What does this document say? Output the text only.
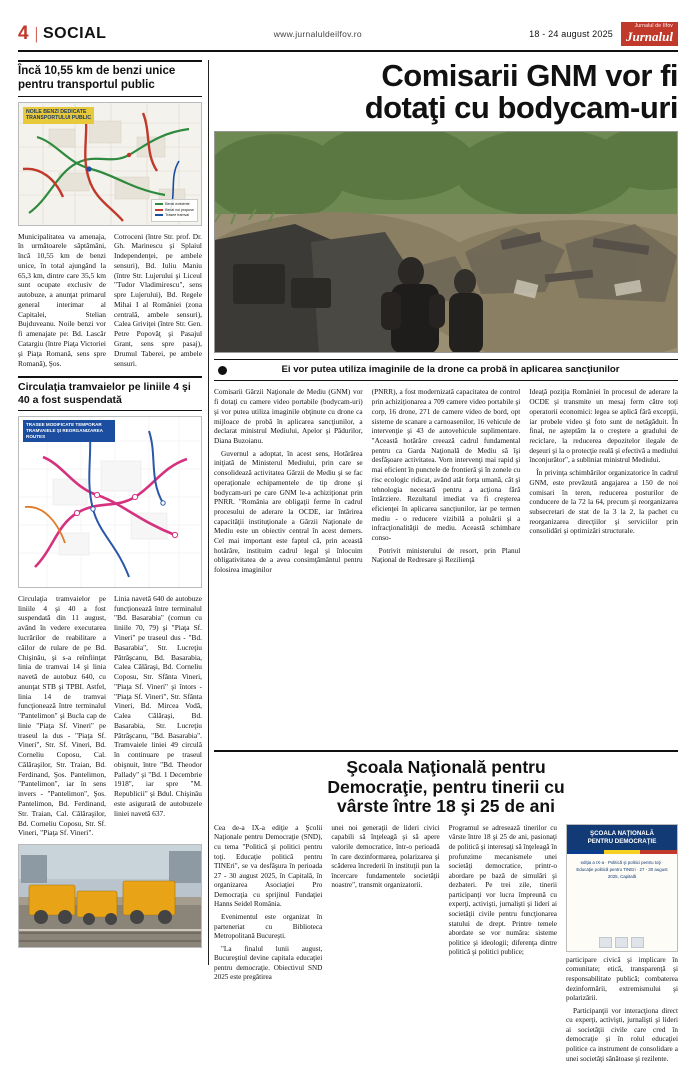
4 | SOCIAL	www.jurnaluldeilfov.ro	18 - 24 august 2025
Jurnalul de Ilfov
Jurnalul
Încă 10,55 km de benzi unice pentru transportul public
NOILE BENZI DEDICATE
TRANSPORTULUI PUBLIC
Benzi existente
Benzi noi propuse
Trasee tramvai
Municipalitatea va amenaja, în următoarele săptămâni, încă 10,55 km de benzi unice, în total ajungând la 65,3 km, dintre care 35,5 km sunt ocupate exclusiv de autobuze, a anunţat primarul general interimar al Capitalei, Stelian Bujduveanu. Noile benzi vor fi amenajate pe: Bd. Lascăr Catargiu (între Piaţa Victoriei şi Piaţa Romană, sens spre Romană), Şos.
Cotroceni (între Str. prof. Dr. Gh. Marinescu şi Splaiul Independenţei, pe ambele sensuri), Bd. Iuliu Maniu (între Str. Lujerului şi Liceul "Tudor Vladimirescu", sens spre Lujerului), Bd. Regele Mihai I al României (zona centrală, ambele sensuri), Calea Griviţei (între Str. Gen. Petre Popovăţ şi Pasajul Grant, sens spre pasaj), Drumul Taberei, pe ambele sensuri.
Circulaţia tramvaielor pe liniile 4 şi 40 a fost suspendată
TRASEE MODIFICATE TEMPORAR
TRAMVAIELE ŞI REORGANIZAREA ROUTES
Circulaţia tramvaielor pe liniile 4 şi 40 a fost suspendată din 11 august, având în vedere executarea lucrărilor de reabilitare a căilor de rulare de pe Bd. Chişinău, şi s-a reînfiinţat linia de tramvai 14 şi linia navetă de autobuz 640, cu anunţat STB şi TPBI. Astfel, linia 14 de tramvai funcţionează între terminalul "Pantelimon" şi Bucla cap de linie "Piaţa Sf. Vineri" pe traseul la dus - "Piaţa Sf. Vineri", Str. Sf. Vineri, Bd. Corneliu Coposu, Cal. Călăraşilor, Str. Traian, Bd. Ferdinand, Şos. Pantelimon, "Pantelimon", iar în sens invers - "Pantelimon", Şos. Pantelimon, Bd. Ferdinand, Str. Traian, Cal. Călăraşilor, Bd. Corneliu Coposu, Str. Sf. Vineri, "Piaţa Sf. Vineri".
Linia navetă 640 de autobuze funcţionează între terminalul "Bd. Basarabia" (comun cu liniile 70, 79) şi "Piaţa Sf. Vineri" pe traseul dus - "Bd. Basarabia", Str. Lucreţiu Pătrăşcanu, Bd. Basarabia, Calea Călăraşi, Bd. Corneliu Coposu, Str. Sfânta Vineri, "Piaţa Sf. Vineri" şi întors - "Piaţa Sf. Vineri", Str. Sfânta Vineri, Bd. Mircea Vodă, Calea Călăraşi, Bd. Basarabia, Str. Lucreţiu Pătrăşcanu, "Bd. Basarabia". Tramvaiele liniei 49 circulă în continuare pe traseul obişnuit, între "Bd. Theodor Pallady" şi "Bd. 1 Decembrie 1918", iar spre "M. Republicii" şi Bdul. Chişinău este asigurată de autobuzele liniei navetă 637.
Comisarii GNM vor fi
dotaţi cu bodycam-uri
Ei vor putea utiliza imaginile de la drone ca probă în aplicarea sancţiunilor

Comisarii Gărzii Naţionale de Mediu (GNM) vor fi dotaţi cu camere video portabile (bodycam-uri) şi vor putea utiliza imaginile obţinute cu drone ca mijloace de probă în aplicarea sancţiunilor, a declarat ministrul Mediului, Apelor şi Pădurilor, Diana Buzoianu.

Guvernul a adoptat, în acest sens, Hotărârea iniţiată de Ministerul Mediului, prin care se consolidează activitatea Gărzii de Mediu şi se fac operaţionale echipamentele de tip drone şi bodycam-uri pe care GNM le-a achiziţionat prin PNRR. "România are obligaţii ferme în cadrul procesului de aderare la OCDE, iar întărirea capacităţii instituţionale a Gărzii Naţionale de Mediu este un obiectiv central în acest demers. Cel mai important este faptul că, prin această hotărâre, instituim cadrul legal şi înlocuim obligativitatea de a avea consimţământul pentru folosirea imaginilor

(PNRR), a fost modernizată capacitatea de control prin achiziţionarea a 709 camere video portabile şi corp, 16 drone, 271 de camere video de bord, opt sisteme de scanare a carnoasenilor, 16 vehicule de intervenţie şi 43 de autovehicule suplimentare. "Această hotărâre creează cadrul fundamental pentru ca Garda Naţională de Mediu să îşi desfăşoare activitatea. Vorn intervenţi mai rapid şi mai eficient în punctele de frontieră şi în zonele cu risc ecologic ridicat, având atât forţa umană, cât şi tehnologia necesară pentru a acţiona fără întârziere. Rezultatul imediat va fi creşterea eficienţei în aplicarea sancţiunilor, iar pe termen mediu - o reducere vizibilă a poluării şi a infracţionalităţii de mediu. Această schimbare conso-

Potrivit ministerului de resort, prin Planul Naţional de Redresare şi Rezilienţă

Ideaţă poziţia României în procesul de aderare la OCDE şi transmite un mesaj ferm către toţi operatorii economici: legea se aplică fără excepţii, iar probele video şi foto sunt de netăgăduit. În final, ne aşteptăm la o creştere a gradului de reciclare, la reducerea depozitelor ilegale de deşeuri şi la o protecţie reală şi efectivă a mediului înconjurător", a subliniat ministrul Mediului.

În privinţa schimbărilor organizatorice în cadrul GNM, este prevăzută angajarea a 150 de noi comisari în teren, reducerea posturilor de conducere de la 72 la 64, precum şi reorganizarea subsecretari de stat de la 3 la 2, la pachet cu reorganizarea direcţiilor şi serviciilor prin consolidări şi optimizări structurale.

Şcoala Naţională pentru
Democraţie, pentru tinerii cu
vârste între 18 şi 25 de ani

Cea de-a IX-a ediţie a Şcolii Naţionale pentru Democraţie (SND), cu tema "Politică şi politici pentru toţi. Educaţie politică pentru TINEri", se va desfăşura în perioada 27 - 30 august 2025, în Capitală, în organizarea Asociaţiei Pro Democraţia cu sprijinul Fundaţiei Hanns Seidel România.

Evenimentul este organizat în parteneriat cu Biblioteca Metropolitană Bucureşti.

"La finalul lunii august, Bucureştiul devine capitala educaţiei pentru democraţie. Obiectivul SND 2025 este pregătirea

unei noi generaţii de lideri civici capabili să înţeleagă şi să apere valorile democratice, într-o perioadă în care dezinformarea, polarizarea şi scăderea încrederii în instituţii pun la încercare fundamentele societăţii noastre", transmit organizatorii.

Programul se adresează tinerilor cu vârste între 18 şi 25 de ani, pasionaţi de politică şi interesaţi să înţeleagă în profunzime mecanismele unei societăţi democratice, printr-o abordare pe bază de simulări şi dezbateri. Pe trei zile, tinerii participanţi vor lucra împreună cu experţi, activişti, jurnalişti şi lideri ai societăţii civile pentru funcţionarea statului de drept. Printre temele abordate se vor număra: sisteme politice şi ideologii; diferenţa dintre politică şi politici publice;

ŞCOALA NAŢIONALĂ
PENTRU DEMOCRAŢIE
ediţia a IX-a · Politică şi politici pentru toţi · Educaţie politică pentru TINEri · 27 - 30 august 2025, Capitală

participare civică şi implicare în comunitate; etică, transparenţă şi responsabilitate publică; combaterea dezinformării, extremismului şi polarizării.

Participanţii vor interacţiona direct cu experţi, activişti, jurnalişti şi lideri ai societăţii civile care cred în democraţie şi în rolul educaţiei politice ca instrument de consolidare a unei societăţi sănătoase şi rezilente.
